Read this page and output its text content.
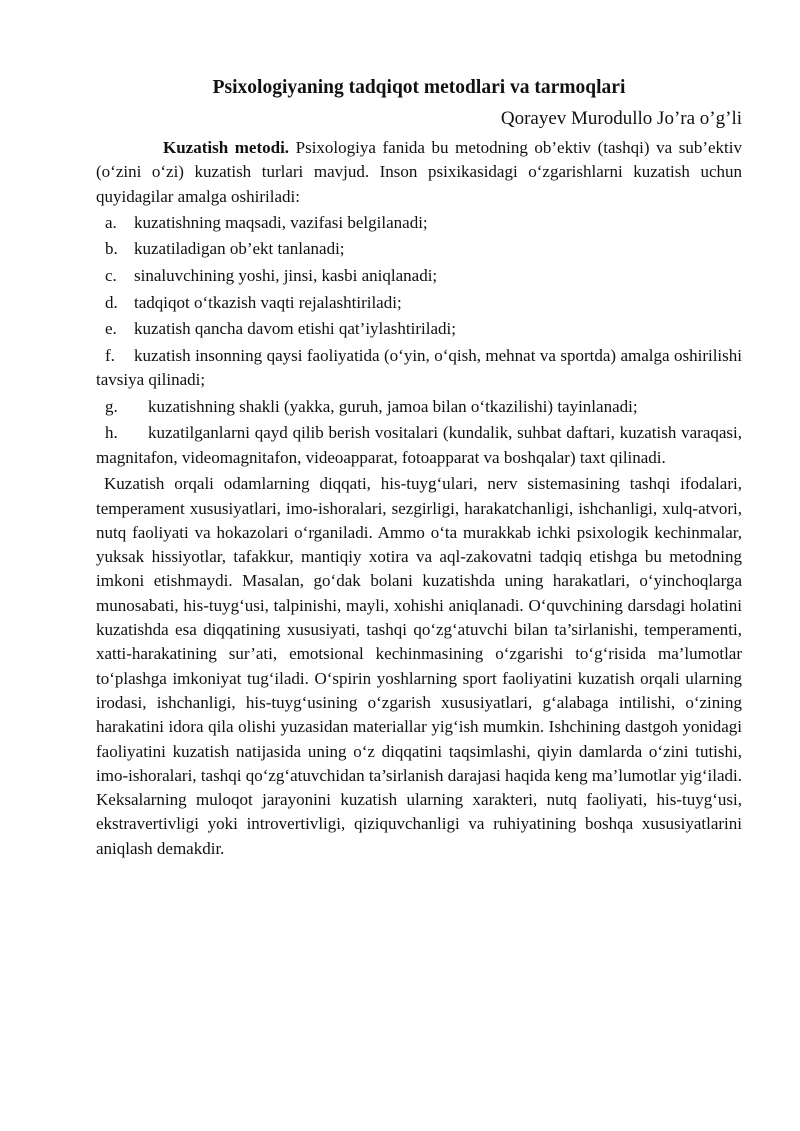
Psixologiyaning tadqiqot metodlari va tarmoqlari
Qorayev Murodullo Jo’ra o’g’li

Kuzatish metodi. Psixologiya fanida bu metodning ob’ektiv (tashqi) va sub’ektiv (o‘zini o‘zi) kuzatish turlari mavjud. Inson psixikasidagi o‘zgarishlarni kuzatish uchun quyidagilar amalga oshiriladi:

a. kuzatishning maqsadi, vazifasi belgilanadi;
b. kuzatiladigan ob’ekt tanlanadi;
c. sinaluvchining yoshi, jinsi, kasbi aniqlanadi;
d. tadqiqot o‘tkazish vaqti rejalashtiriladi;
e. kuzatish qancha davom etishi qat’iylashtiriladi;
f. kuzatish insonning qaysi faoliyatida (o‘yin, o‘qish, mehnat va sportda) amalga oshirilishi tavsiya qilinadi;
g. kuzatishning shakli (yakka, guruh, jamoa bilan o‘tkazilishi) tayinlanadi;
h. kuzatilganlarni qayd qilib berish vositalari (kundalik, suhbat daftari, kuzatish varaqasi, magnitafon, videomagnitafon, videoapparat, fotoapparat va boshqalar) taxt qilinadi.

Kuzatish orqali odamlarning diqqati, his-tuyg‘ulari, nerv sistemasining tashqi ifodalari, temperament xususiyatlari, imo-ishoralari, sezgirligi, harakatchanligi, ishchanligi, xulq-atvori, nutq faoliyati va hokazolari o‘rganiladi. Ammo o‘ta murakkab ichki psixologik kechinmalar, yuksak hissiyotlar, tafakkur, mantiqiy xotira va aql-zakovatni tadqiq etishga bu metodning imkoni etishmaydi. Masalan, go‘dak bolani kuzatishda uning harakatlari, o‘yinchoqlarga munosabati, his-tuyg‘usi, talpinishi, mayli, xohishi aniqlanadi. O‘quvchining darsdagi holatini kuzatishda esa diqqatining xususiyati, tashqi qo‘zg‘atuvchi bilan ta’sirlanishi, temperamenti, xatti-harakatining sur’ati, emotsional kechinmasining o‘zgarishi to‘g‘risida ma’lumotlar to‘plashga imkoniyat tug‘iladi. O‘spirin yoshlarning sport faoliyatini kuzatish orqali ularning irodasi, ishchanligi, his-tuyg‘usining o‘zgarish xususiyatlari, g‘alabaga intilishi, o‘zining harakatini idora qila olishi yuzasidan materiallar yig‘ish mumkin. Ishchining dastgoh yonidagi faoliyatini kuzatish natijasida uning o‘z diqqatini taqsimlashi, qiyin damlarda o‘zini tutishi, imo-ishoralari, tashqi qo‘zg‘atuvchidan ta’sirlanish darajasi haqida keng ma’lumotlar yig‘iladi. Keksalarning muloqot jarayonini kuzatish ularning xarakteri, nutq faoliyati, his-tuyg‘usi, ekstravertivligi yoki introvertivligi, qiziquvchanligi va ruhiyatining boshqa xususiyatlarini aniqlash demakdir.
